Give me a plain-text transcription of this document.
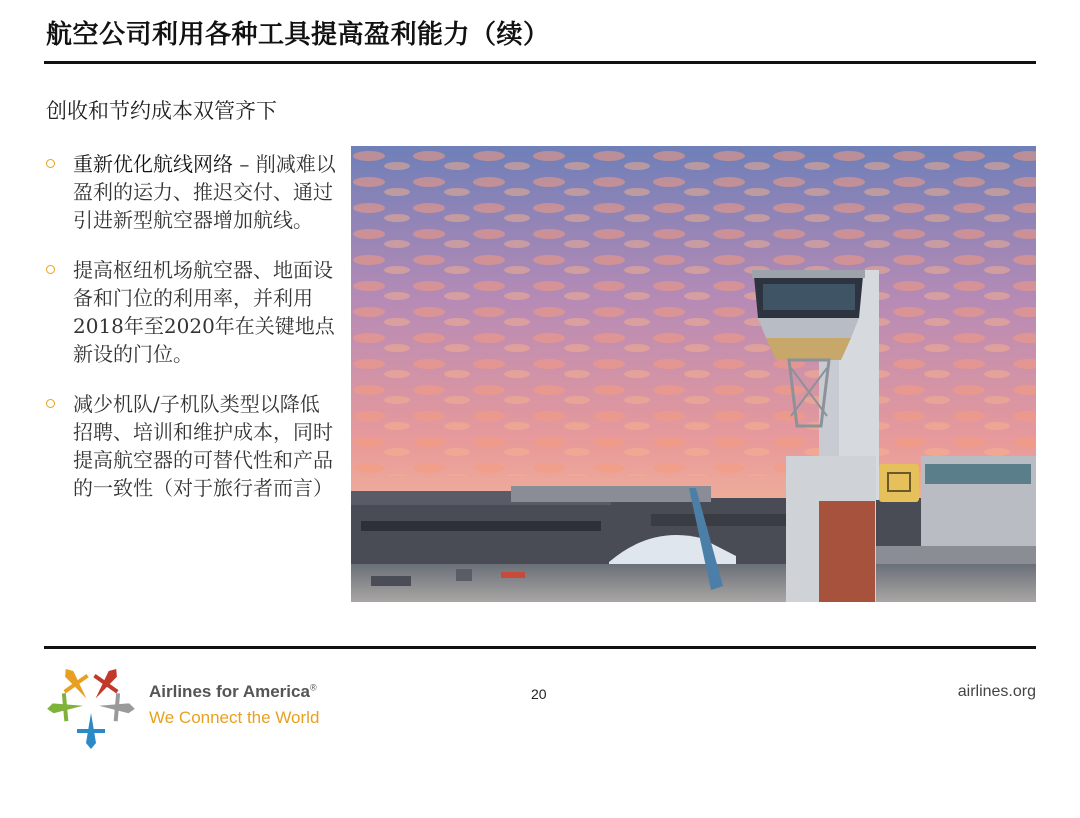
航空公司利用各种工具提高盈利能力（续）
创收和节约成本双管齐下
重新优化航线网络 – 削减难以盈利的运力、推迟交付、通过引进新型航空器增加航线。
提高枢纽机场航空器、地面设备和门位的利用率，并利用2018年至2020年在关键地点新设的门位。
减少机队/子机队类型以降低招聘、培训和维护成本，同时提高航空器的可替代性和产品的一致性（对于旅行者而言）
Airlines for America®
We Connect the World
20	airlines.org
